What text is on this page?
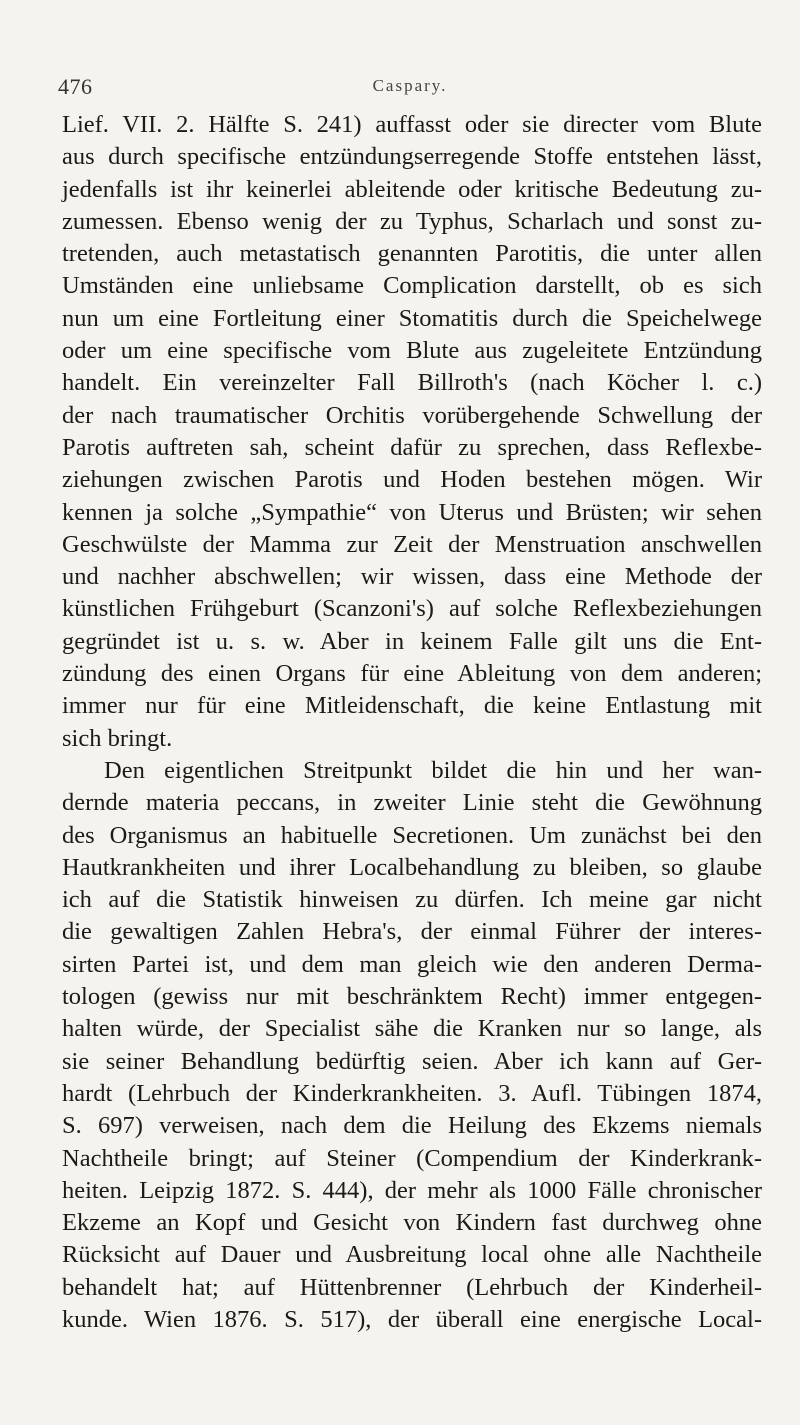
476	Caspary.
Lief. VII. 2. Hälfte S. 241) auffasst oder sie directer vom Blute
aus durch specifische entzündungserregende Stoffe entstehen lässt,
jedenfalls ist ihr keinerlei ableitende oder kritische Bedeutung zu-
zumessen. Ebenso wenig der zu Typhus, Scharlach und sonst zu-
tretenden, auch metastatisch genannten Parotitis, die unter allen
Umständen eine unliebsame Complication darstellt, ob es sich
nun um eine Fortleitung einer Stomatitis durch die Speichelwege
oder um eine specifische vom Blute aus zugeleitete Entzündung
handelt. Ein vereinzelter Fall Billroth's (nach Köcher l. c.)
der nach traumatischer Orchitis vorübergehende Schwellung der
Parotis auftreten sah, scheint dafür zu sprechen, dass Reflexbe-
ziehungen zwischen Parotis und Hoden bestehen mögen. Wir
kennen ja solche „Sympathie“ von Uterus und Brüsten; wir sehen
Geschwülste der Mamma zur Zeit der Menstruation anschwellen
und nachher abschwellen; wir wissen, dass eine Methode der
künstlichen Frühgeburt (Scanzoni's) auf solche Reflexbeziehungen
gegründet ist u. s. w. Aber in keinem Falle gilt uns die Ent-
zündung des einen Organs für eine Ableitung von dem anderen;
immer nur für eine Mitleidenschaft, die keine Entlastung mit
sich bringt.
Den eigentlichen Streitpunkt bildet die hin und her wan-
dernde materia peccans, in zweiter Linie steht die Gewöhnung
des Organismus an habituelle Secretionen. Um zunächst bei den
Hautkrankheiten und ihrer Localbehandlung zu bleiben, so glaube
ich auf die Statistik hinweisen zu dürfen. Ich meine gar nicht
die gewaltigen Zahlen Hebra's, der einmal Führer der interes-
sirten Partei ist, und dem man gleich wie den anderen Derma-
tologen (gewiss nur mit beschränktem Recht) immer entgegen-
halten würde, der Specialist sähe die Kranken nur so lange, als
sie seiner Behandlung bedürftig seien. Aber ich kann auf Ger-
hardt (Lehrbuch der Kinderkrankheiten. 3. Aufl. Tübingen 1874,
S. 697) verweisen, nach dem die Heilung des Ekzems niemals
Nachtheile bringt; auf Steiner (Compendium der Kinderkrank-
heiten. Leipzig 1872. S. 444), der mehr als 1000 Fälle chronischer
Ekzeme an Kopf und Gesicht von Kindern fast durchweg ohne
Rücksicht auf Dauer und Ausbreitung local ohne alle Nachtheile
behandelt hat; auf Hüttenbrenner (Lehrbuch der Kinderheil-
kunde. Wien 1876. S. 517), der überall eine energische Local-
